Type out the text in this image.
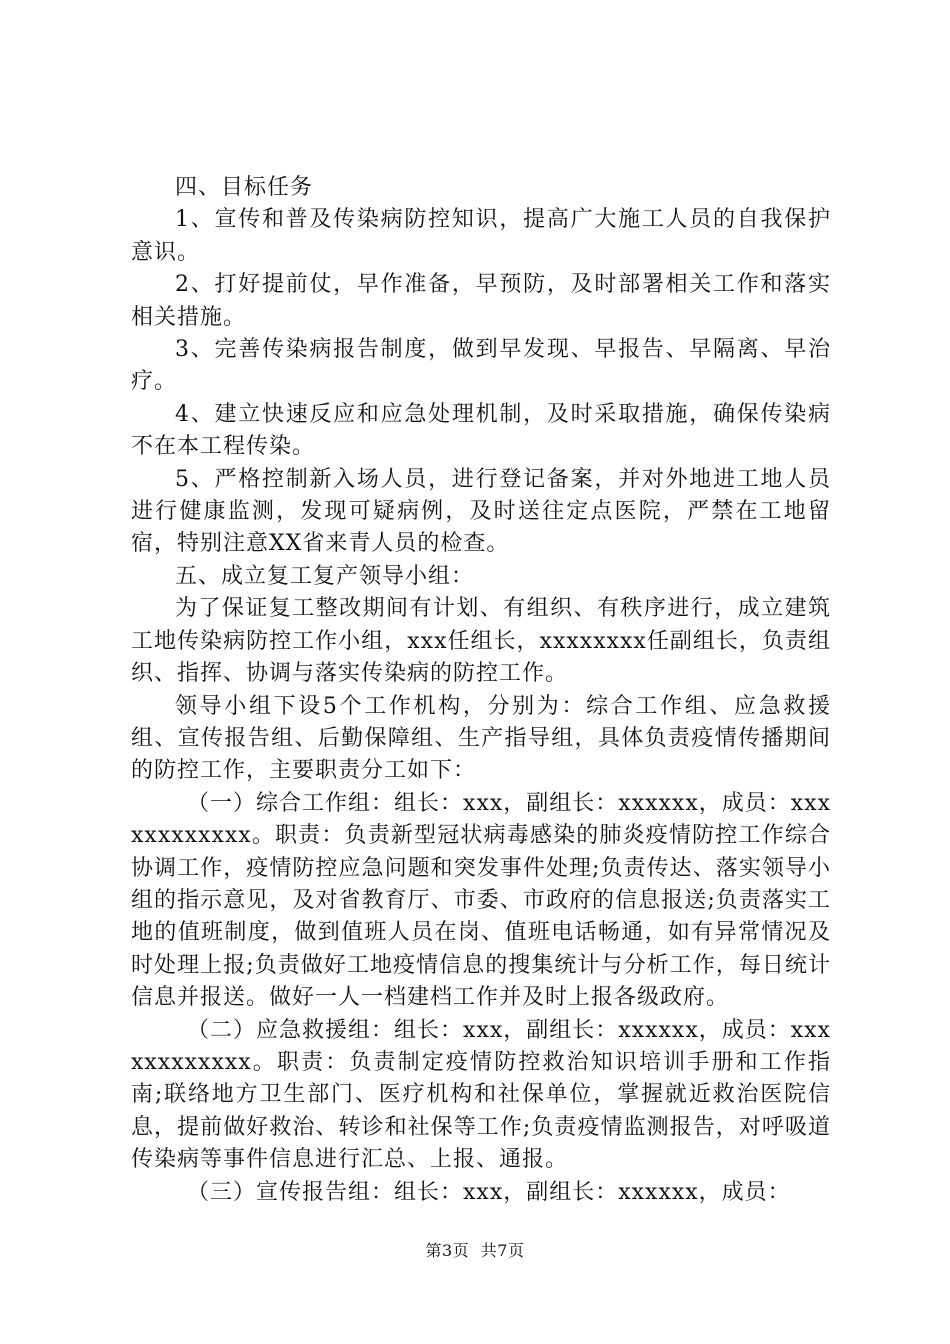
四、目标任务

1、宣传和普及传染病防控知识，提高广大施工人员的自我保护意识。

2、打好提前仗，早作准备，早预防，及时部署相关工作和落实相关措施。

3、完善传染病报告制度，做到早发现、早报告、早隔离、早治疗。

4、建立快速反应和应急处理机制，及时采取措施，确保传染病不在本工程传染。

5、严格控制新入场人员，进行登记备案，并对外地进工地人员进行健康监测，发现可疑病例，及时送往定点医院，严禁在工地留宿，特别注意XX省来青人员的检查。

五、成立复工复产领导小组：

为了保证复工整改期间有计划、有组织、有秩序进行，成立建筑工地传染病防控工作小组，xxx任组长，xxxxxxxx任副组长，负责组织、指挥、协调与落实传染病的防控工作。

领导小组下设5个工作机构，分别为：综合工作组、应急救援组、宣传报告组、后勤保障组、生产指导组，具体负责疫情传播期间的防控工作，主要职责分工如下：

（一）综合工作组：组长：xxx，副组长：xxxxxx，成员：xxxxxxxxxxxx。职责：负责新型冠状病毒感染的肺炎疫情防控工作综合协调工作，疫情防控应急问题和突发事件处理;负责传达、落实领导小组的指示意见，及对省教育厅、市委、市政府的信息报送;负责落实工地的值班制度，做到值班人员在岗、值班电话畅通，如有异常情况及时处理上报;负责做好工地疫情信息的搜集统计与分析工作，每日统计信息并报送。做好一人一档建档工作并及时上报各级政府。

（二）应急救援组：组长：xxx，副组长：xxxxxx，成员：xxxxxxxxxxxx。职责：负责制定疫情防控救治知识培训手册和工作指南;联络地方卫生部门、医疗机构和社保单位，掌握就近救治医院信息，提前做好救治、转诊和社保等工作;负责疫情监测报告，对呼吸道传染病等事件信息进行汇总、上报、通报。

（三）宣传报告组：组长：xxx，副组长：xxxxxx，成员：

第3页 共7页
